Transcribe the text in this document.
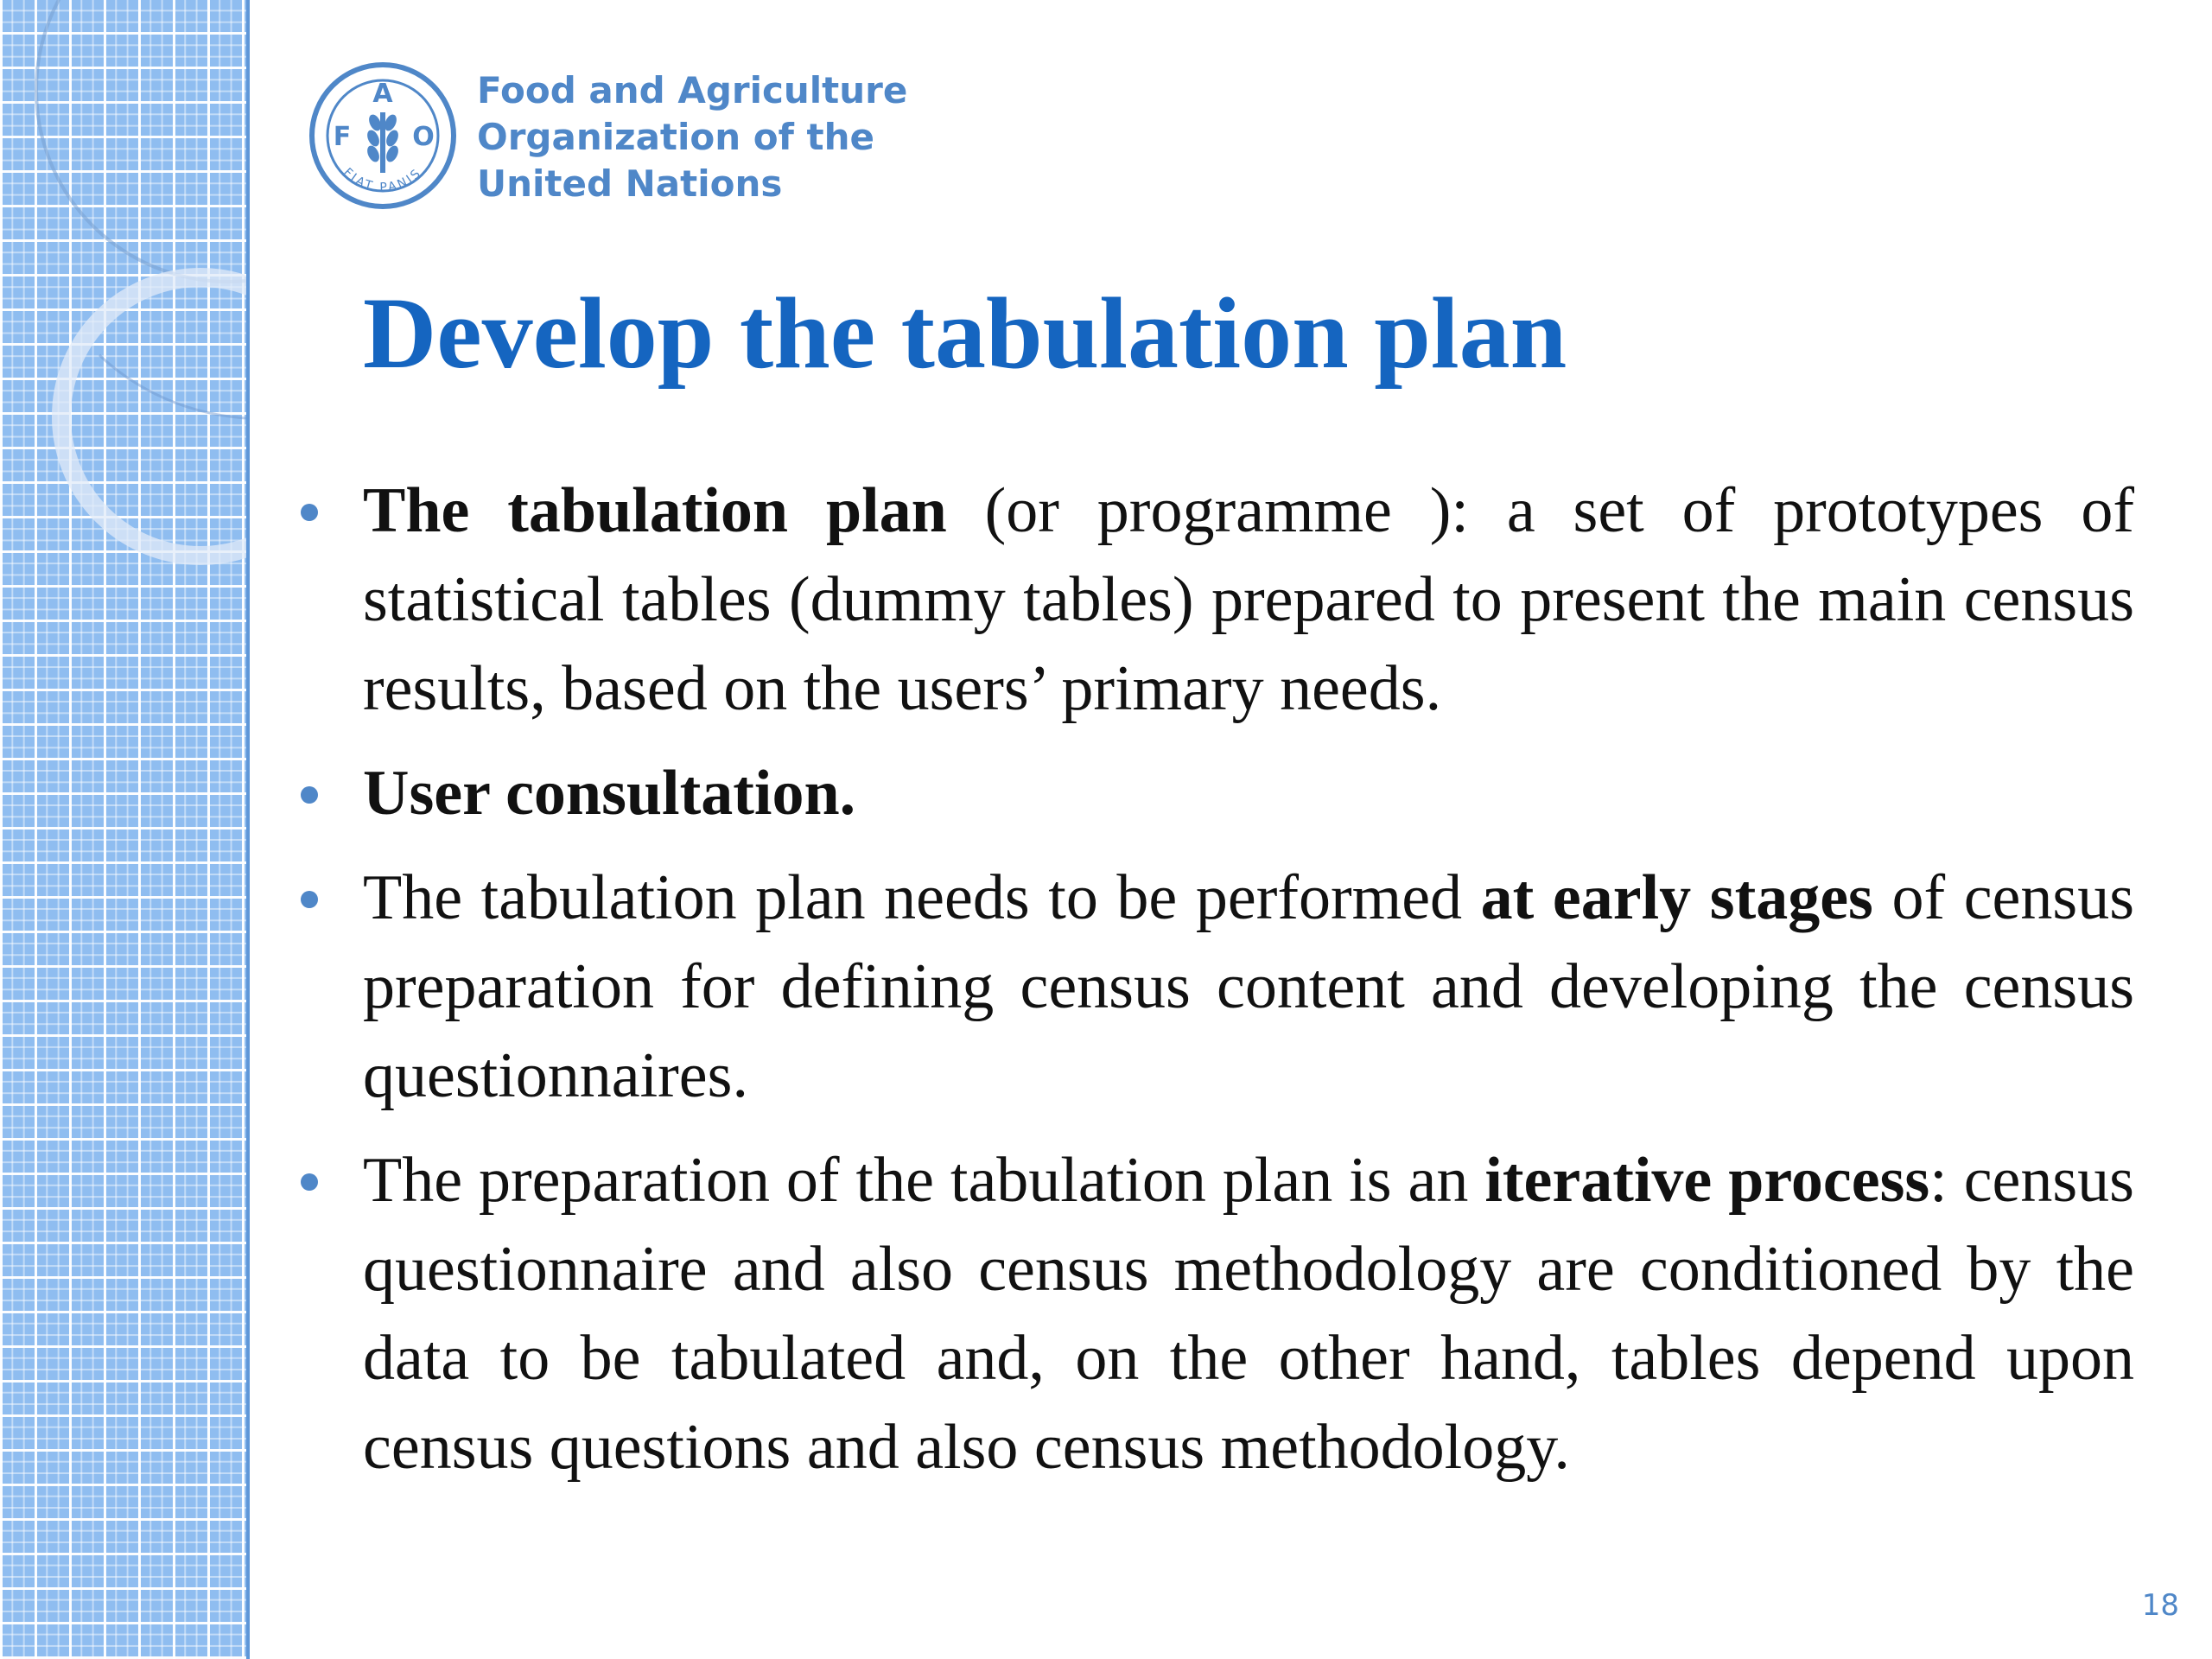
A
F O
FIAT PANIS
Food and Agriculture
Organization of the
United Nations
Develop the tabulation plan
The tabulation plan (or programme ): a set of prototypes of statistical tables (dummy tables) prepared to present the main census results, based on the users’ primary needs.
User consultation.
The tabulation plan needs to be performed at early stages of census preparation for defining census content and developing the census questionnaires.
The preparation of the tabulation plan is an iterative process: census questionnaire and also census methodology are conditioned by the data to be tabulated and, on the other hand, tables depend upon census questions and also census methodology.
18
